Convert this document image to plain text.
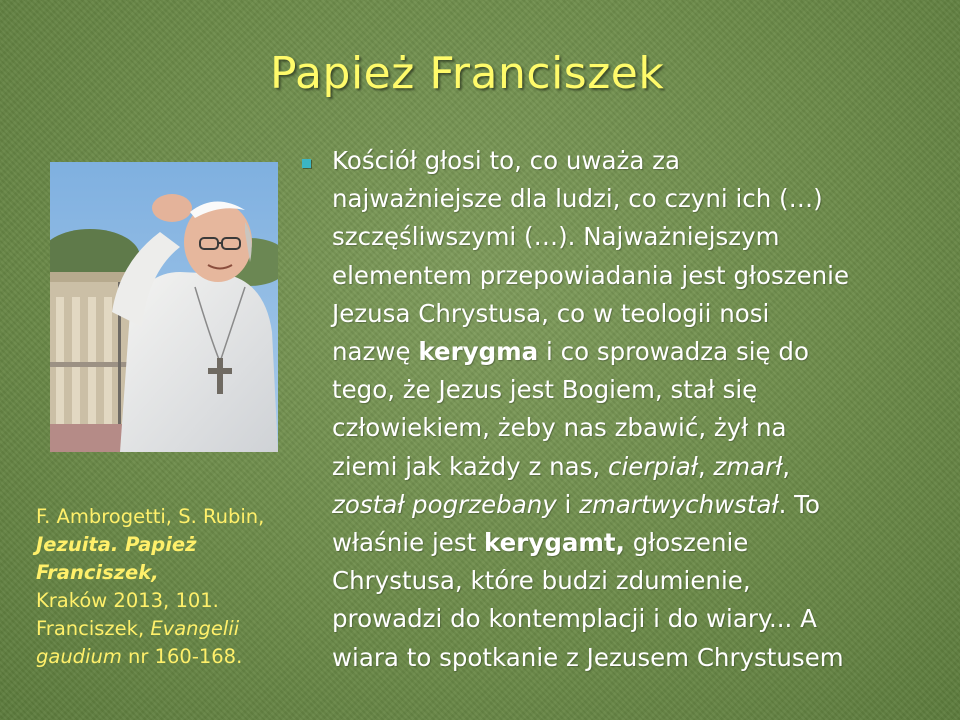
Papież Franciszek
F. Ambrogetti, S. Rubin,
Jezuita. Papież
Franciszek,
Kraków 2013, 101.
Franciszek, Evangelii
gaudium nr 160-168.
Kościół głosi to, co uważa za
najważniejsze dla ludzi, co czyni ich (…)
szczęśliwszymi (…). Najważniejszym
elementem przepowiadania jest głoszenie
Jezusa Chrystusa, co w teologii nosi
nazwę kerygma i co sprowadza się do
tego, że Jezus jest Bogiem, stał się
człowiekiem, żeby nas zbawić, żył na
ziemi jak każdy z nas, cierpiał, zmarł,
został pogrzebany i zmartwychwstał. To
właśnie jest kerygamt, głoszenie
Chrystusa, które budzi zdumienie,
prowadzi do kontemplacji i do wiary... A
wiara to spotkanie z Jezusem Chrystusem
